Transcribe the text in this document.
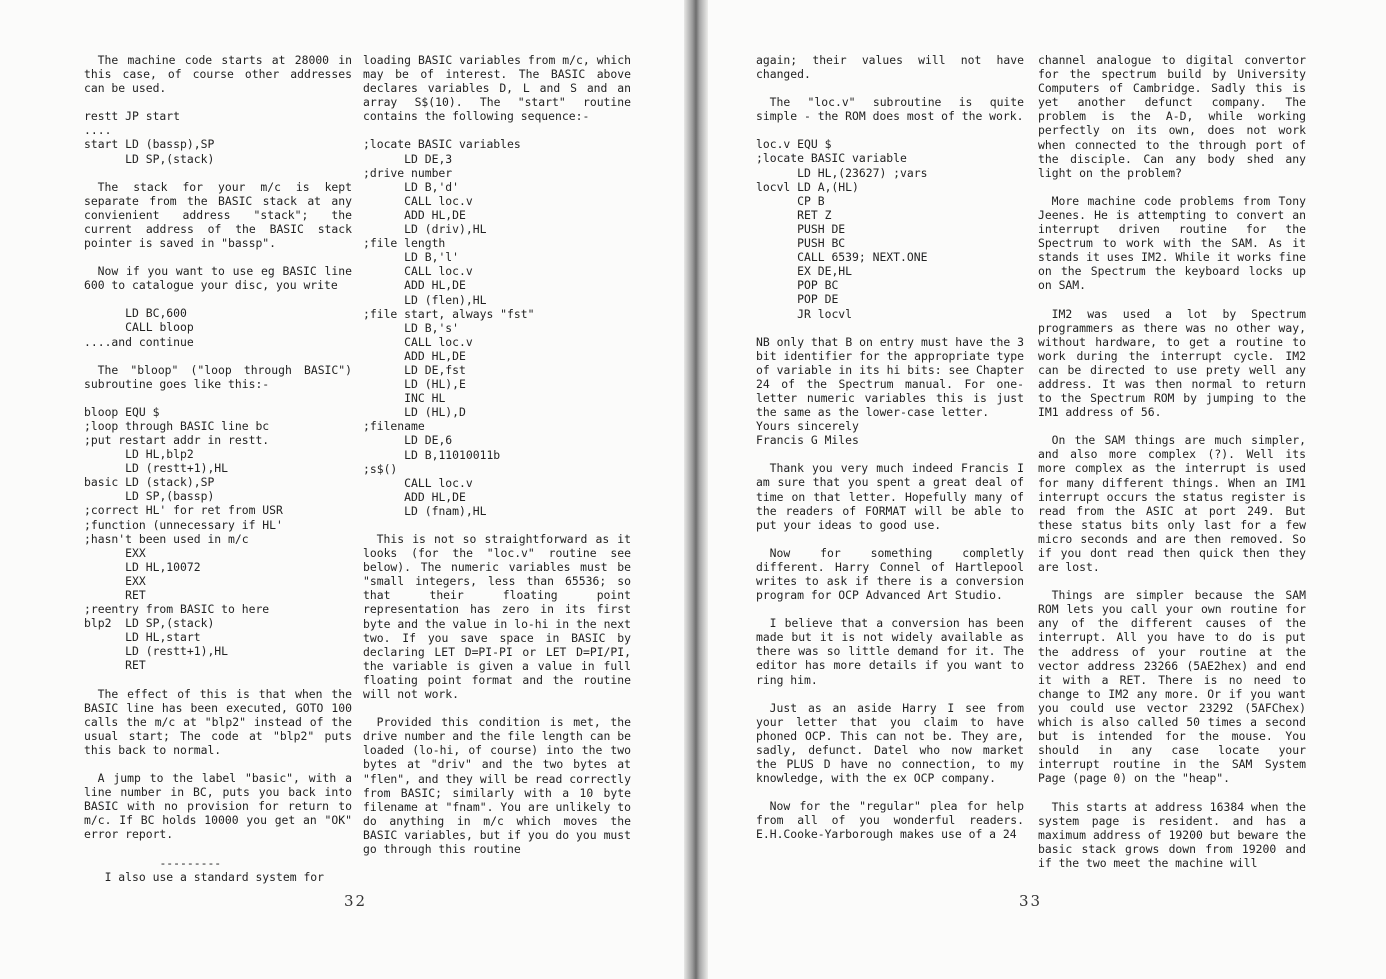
The machine code starts at 28000 in this case, of course other addresses can be used.

restt JP start
....
start LD (bassp),SP
LD SP,(stack)

The stack for your m/c is kept separate from the BASIC stack at any convienient address "stack"; the current address of the BASIC stack pointer is saved in "bassp".

Now if you want to use eg BASIC line 600 to catalogue your disc, you write

LD BC,600
CALL bloop
....and continue

The "bloop" ("loop through BASIC") subroutine goes like this:-

bloop EQU $
;loop through BASIC line bc
;put restart addr in restt.
LD HL,blp2
LD (restt+1),HL
basic LD (stack),SP
LD SP,(bassp)
;correct HL' for ret from USR
;function (unnecessary if HL'
;hasn't been used in m/c
EXX
LD HL,10072
EXX
RET
;reentry from BASIC to here
blp2  LD SP,(stack)
LD HL,start
LD (restt+1),HL
RET

The effect of this is that when the BASIC line has been executed, GOTO 100 calls the m/c at "blp2" instead of the usual start; The code at "blp2" puts this back to normal.

A jump to the label "basic", with a line number in BC, puts you back into BASIC with no provision for return to m/c. If BC holds 10000 you get an "OK" error report.

---------
I also use a standard system for

loading BASIC variables from m/c, which may be of interest. The BASIC above declares variables D, L and S and an array S$(10). The "start" routine contains the following sequence:-

;locate BASIC variables
LD DE,3
;drive number
LD B,'d'
CALL loc.v
ADD HL,DE
LD (driv),HL
;file length
LD B,'l'
CALL loc.v
ADD HL,DE
LD (flen),HL
;file start, always "fst"
LD B,'s'
CALL loc.v
ADD HL,DE
LD DE,fst
LD (HL),E
INC HL
LD (HL),D
;filename
LD DE,6
LD B,11010011b
;s$()
CALL loc.v
ADD HL,DE
LD (fnam),HL

This is not so straightforward as it looks (for the "loc.v" routine see below). The numeric variables must be "small integers, less than 65536; so that their floating point representation has zero in its first byte and the value in lo-hi in the next two. If you save space in BASIC by declaring LET D=PI-PI or LET D=PI/PI, the variable is given a value in full floating point format and the routine will not work.

Provided this condition is met, the drive number and the file length can be loaded (lo-hi, of course) into the two bytes at "driv" and the two bytes at "flen", and they will be read correctly from BASIC; similarly with a 10 byte filename at "fnam". You are unlikely to do anything in m/c which moves the BASIC variables, but if you do you must go through this routine

32

again; their values will not have changed.

The "loc.v" subroutine is quite simple - the ROM does most of the work.

loc.v EQU $
;locate BASIC variable
LD HL,(23627) ;vars
locvl LD A,(HL)
CP B
RET Z
PUSH DE
PUSH BC
CALL 6539; NEXT.ONE
EX DE,HL
POP BC
POP DE
JR locvl

NB only that B on entry must have the 3 bit identifier for the appropriate type of variable in its hi bits: see Chapter 24 of the Spectrum manual. For one-letter numeric variables this is just the same as the lower-case letter.
Yours sincerely
Francis G Miles

Thank you very much indeed Francis I am sure that you spent a great deal of time on that letter. Hopefully many of the readers of FORMAT will be able to put your ideas to good use.

Now for something completly different. Harry Connel of Hartlepool writes to ask if there is a conversion program for OCP Advanced Art Studio.

I believe that a conversion has been made but it is not widely available as there was so little demand for it. The editor has more details if you want to ring him.

Just as an aside Harry I see from your letter that you claim to have phoned OCP. This can not be. They are, sadly, defunct. Datel who now market the PLUS D have no connection, to my knowledge, with the ex OCP company.

Now for the "regular" plea for help from all of you wonderful readers. E.H.Cooke-Yarborough makes use of a 24

channel analogue to digital convertor for the spectrum build by University Computers of Cambridge. Sadly this is yet another defunct company. The problem is the A-D, while working perfectly on its own, does not work when connected to the through port of the disciple. Can any body shed any light on the problem?

More machine code problems from Tony Jeenes. He is attempting to convert an interrupt driven routine for the Spectrum to work with the SAM. As it stands it uses IM2. While it works fine on the Spectrum the keyboard locks up on SAM.

IM2 was used a lot by Spectrum programmers as there was no other way, without hardware, to get a routine to work during the interrupt cycle. IM2 can be directed to use prety well any address. It was then normal to return to the Spectrum ROM by jumping to the IM1 address of 56.

On the SAM things are much simpler, and also more complex (?). Well its more complex as the interrupt is used for many different things. When an IM1 interrupt occurs the status register is read from the ASIC at port 249. But these status bits only last for a few micro seconds and are then removed. So if you dont read then quick then they are lost.

Things are simpler because the SAM ROM lets you call your own routine for any of the different causes of the interrupt. All you have to do is put the address of your routine at the vector address 23266 (5AE2hex) and end it with a RET. There is no need to change to IM2 any more. Or if you want you could use vector 23292 (5AFChex) which is also called 50 times a second but is intended for the mouse. You should in any case locate your interrupt routine in the SAM System Page (page 0) on the "heap".

This starts at address 16384 when the system page is resident. and has a maximum address of 19200 but beware the basic stack grows down from 19200 and if the two meet the machine will

33
